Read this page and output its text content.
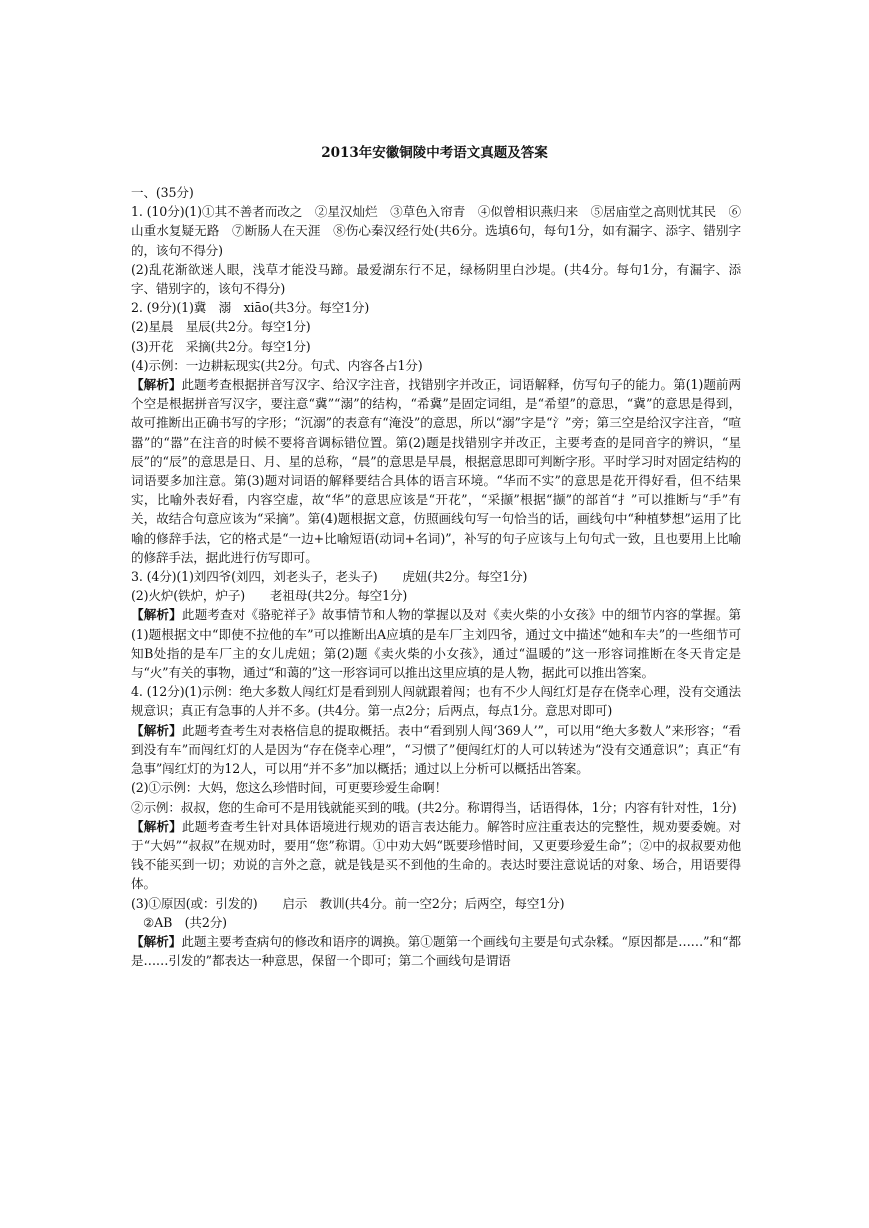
2013年安徽铜陵中考语文真题及答案

一、(35分)

1. (10分)(1)①其不善者而改之　②星汉灿烂　③草色入帘青　④似曾相识燕归来　⑤居庙堂之高则忧其民　⑥山重水复疑无路　⑦断肠人在天涯　⑧伤心秦汉经行处(共6分。选填6句，每句1分，如有漏字、添字、错别字的，该句不得分)

(2)乱花渐欲迷人眼，浅草才能没马蹄。最爱湖东行不足，绿杨阴里白沙堤。(共4分。每句1分，有漏字、添字、错别字的，该句不得分)

2. (9分)(1)冀　溺　xiāo(共3分。每空1分)

(2)星晨　星辰(共2分。每空1分)

(3)开花　采摘(共2分。每空1分)

(4)示例：一边耕耘现实(共2分。句式、内容各占1分)

【解析】此题考查根据拼音写汉字、给汉字注音，找错别字并改正，词语解释，仿写句子的能力。第(1)题前两个空是根据拼音写汉字，要注意“冀”“溺”的结构，“希冀”是固定词组，是“希望”的意思，“冀”的意思是得到，故可推断出正确书写的字形；“沉溺”的表意有“淹没”的意思，所以“溺”字是“氵”旁；第三空是给汉字注音，“喧嚣”的“嚣”在注音的时候不要将音调标错位置。第(2)题是找错别字并改正，主要考查的是同音字的辨识，“星辰”的“辰”的意思是日、月、星的总称，“晨”的意思是早晨，根据意思即可判断字形。平时学习时对固定结构的词语要多加注意。第(3)题对词语的解释要结合具体的语言环境。“华而不实”的意思是花开得好看，但不结果实，比喻外表好看，内容空虚，故“华”的意思应该是“开花”，“采撷”根据“撷”的部首“扌”可以推断与“手”有关，故结合句意应该为“采摘”。第(4)题根据文意，仿照画线句写一句恰当的话，画线句中“种植梦想”运用了比喻的修辞手法，它的格式是“一边+比喻短语(动词+名词)”，补写的句子应该与上句句式一致，且也要用上比喻的修辞手法，据此进行仿写即可。

3. (4分)(1)刘四爷(刘四，刘老头子，老头子)　　虎妞(共2分。每空1分)

(2)火炉(铁炉，炉子)　　老祖母(共2分。每空1分)

【解析】此题考查对《骆驼祥子》故事情节和人物的掌握以及对《卖火柴的小女孩》中的细节内容的掌握。第(1)题根据文中“即使不拉他的车”可以推断出A应填的是车厂主刘四爷，通过文中描述“她和车夫”的一些细节可知B处指的是车厂主的女儿虎妞；第(2)题《卖火柴的小女孩》，通过“温暖的”这一形容词推断在冬天肯定是与“火”有关的事物，通过“和蔼的”这一形容词可以推出这里应填的是人物，据此可以推出答案。

4. (12分)(1)示例：绝大多数人闯红灯是看到别人闯就跟着闯；也有不少人闯红灯是存在侥幸心理，没有交通法规意识；真正有急事的人并不多。(共4分。第一点2分；后两点，每点1分。意思对即可)

【解析】此题考查考生对表格信息的提取概括。表中“看到别人闯‘369人’”，可以用“绝大多数人”来形容；“看到没有车”而闯红灯的人是因为“存在侥幸心理”，“习惯了”便闯红灯的人可以转述为“没有交通意识”；真正“有急事”闯红灯的为12人，可以用“并不多”加以概括；通过以上分析可以概括出答案。

(2)①示例：大妈，您这么珍惜时间，可更要珍爱生命啊！

②示例：叔叔，您的生命可不是用钱就能买到的哦。(共2分。称谓得当，话语得体，1分；内容有针对性，1分)

【解析】此题考查考生针对具体语境进行规劝的语言表达能力。解答时应注重表达的完整性，规劝要委婉。对于“大妈”“叔叔”在规劝时，要用“您”称谓。①中劝大妈“既要珍惜时间，又更要珍爱生命”；②中的叔叔要劝他钱不能买到一切；劝说的言外之意，就是钱是买不到他的生命的。表达时要注意说话的对象、场合，用语要得体。

(3)①原因(或：引发的)　　启示　教训(共4分。前一空2分；后两空，每空1分)

②AB　(共2分)

【解析】此题主要考查病句的修改和语序的调换。第①题第一个画线句主要是句式杂糅。“原因都是……”和“都是……引发的”都表达一种意思，保留一个即可；第二个画线句是谓语
